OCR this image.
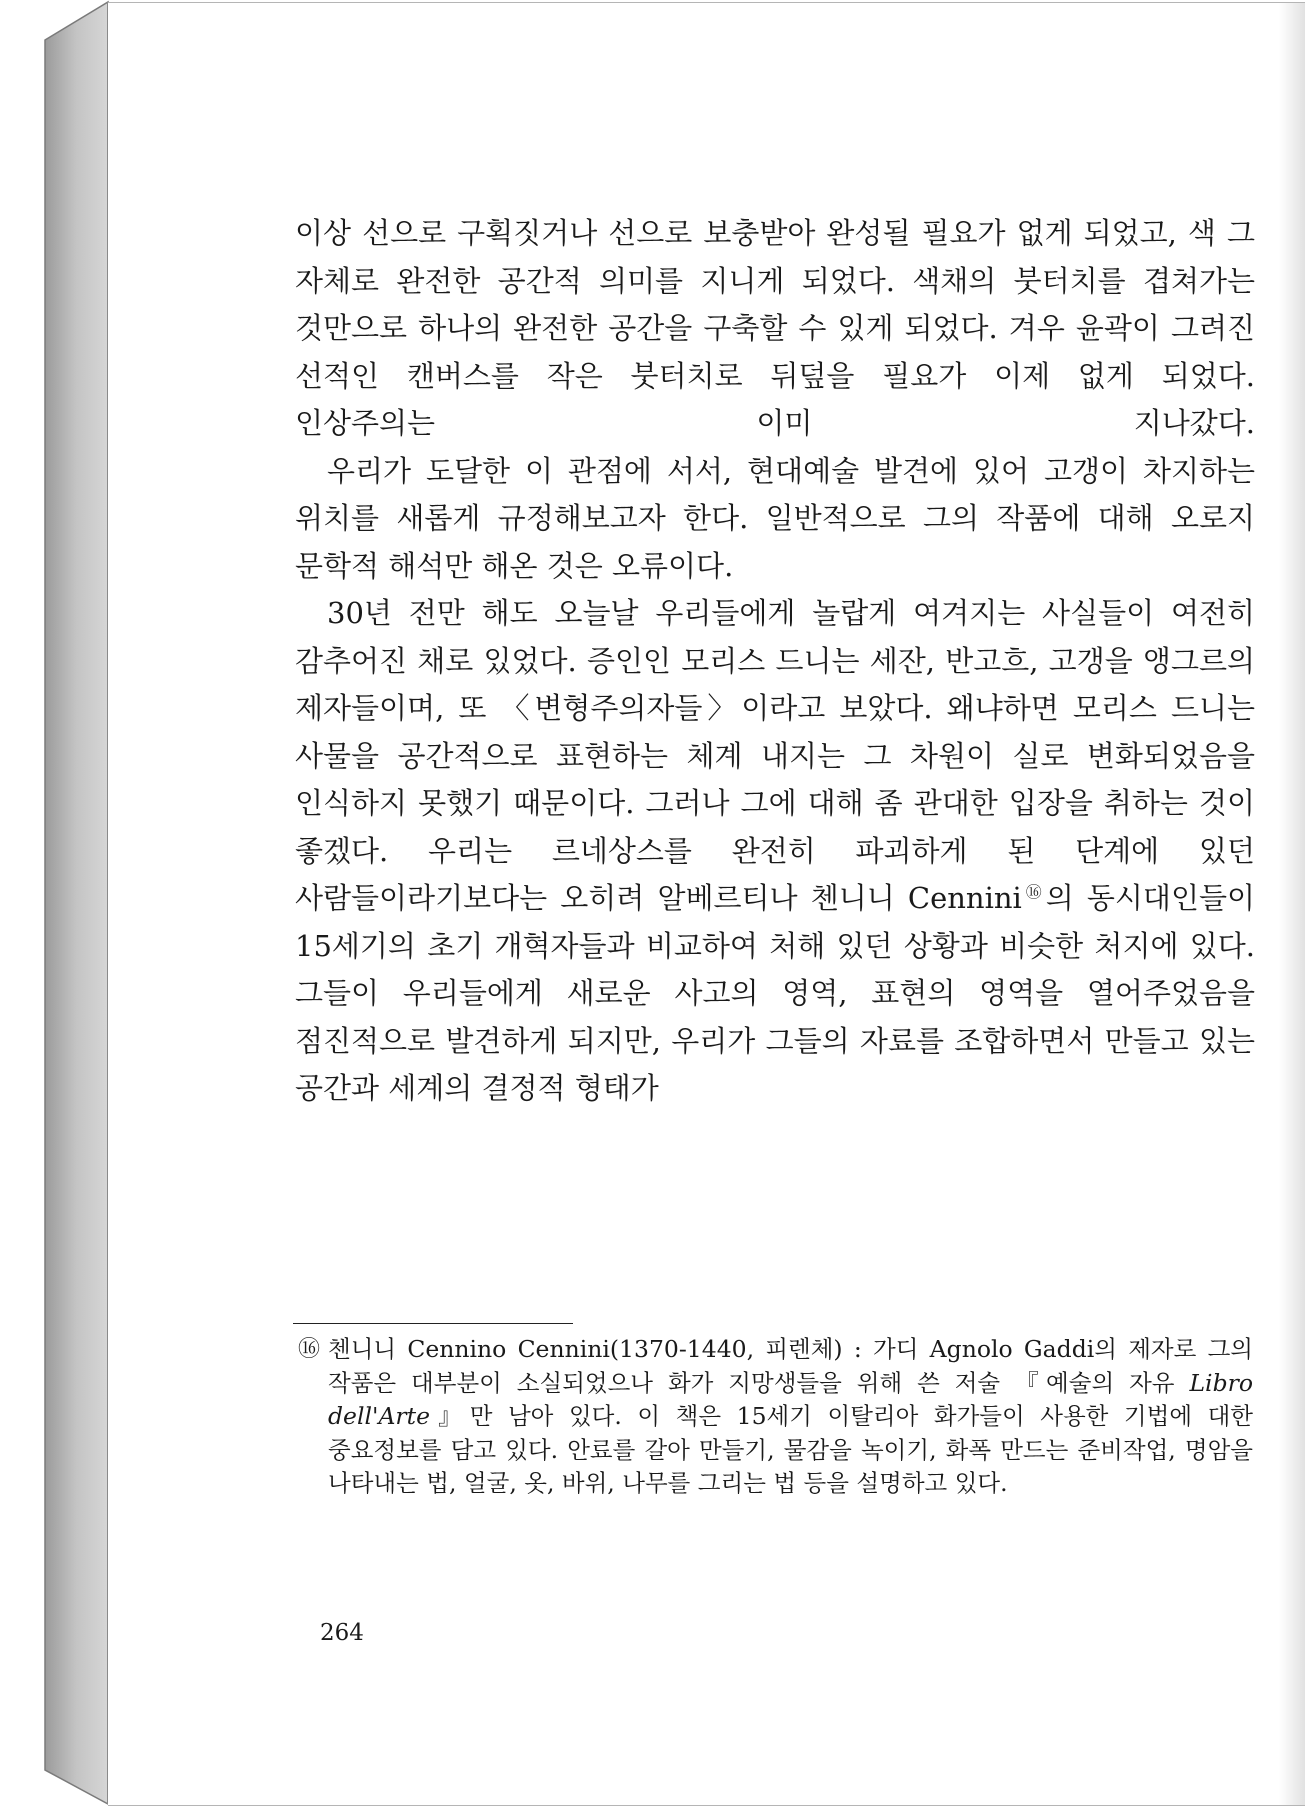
이상 선으로 구획짓거나 선으로 보충받아 완성될 필요가 없게 되었고, 색 그 자체로 완전한 공간적 의미를 지니게 되었다. 색채의 붓터치를 겹쳐가는 것만으로 하나의 완전한 공간을 구축할 수 있게 되었다. 겨우 윤곽이 그려진 선적인 캔버스를 작은 붓터치로 뒤덮을 필요가 이제 없게 되었다. 인상주의는 이미 지나갔다.

우리가 도달한 이 관점에 서서, 현대예술 발견에 있어 고갱이 차지하는 위치를 새롭게 규정해보고자 한다. 일반적으로 그의 작품에 대해 오로지 문학적 해석만 해온 것은 오류이다.

30년 전만 해도 오늘날 우리들에게 놀랍게 여겨지는 사실들이 여전히 감추어진 채로 있었다. 증인인 모리스 드니는 세잔, 반고흐, 고갱을 앵그르의 제자들이며, 또 〈변형주의자들〉이라고 보았다. 왜냐하면 모리스 드니는 사물을 공간적으로 표현하는 체계 내지는 그 차원이 실로 변화되었음을 인식하지 못했기 때문이다. 그러나 그에 대해 좀 관대한 입장을 취하는 것이 좋겠다. 우리는 르네상스를 완전히 파괴하게 된 단계에 있던 사람들이라기보다는 오히려 알베르티나 첸니니 Cennini⑯의 동시대인들이 15세기의 초기 개혁자들과 비교하여 처해 있던 상황과 비슷한 처지에 있다. 그들이 우리들에게 새로운 사고의 영역, 표현의 영역을 열어주었음을 점진적으로 발견하게 되지만, 우리가 그들의 자료를 조합하면서 만들고 있는 공간과 세계의 결정적 형태가

⑯ 첸니니 Cennino Cennini(1370-1440, 피렌체) : 가디 Agnolo Gaddi의 제자로 그의 작품은 대부분이 소실되었으나 화가 지망생들을 위해 쓴 저술 『예술의 자유 Libro dell'Arte』만 남아 있다. 이 책은 15세기 이탈리아 화가들이 사용한 기법에 대한 중요정보를 담고 있다. 안료를 갈아 만들기, 물감을 녹이기, 화폭 만드는 준비작업, 명암을 나타내는 법, 얼굴, 옷, 바위, 나무를 그리는 법 등을 설명하고 있다.
264
